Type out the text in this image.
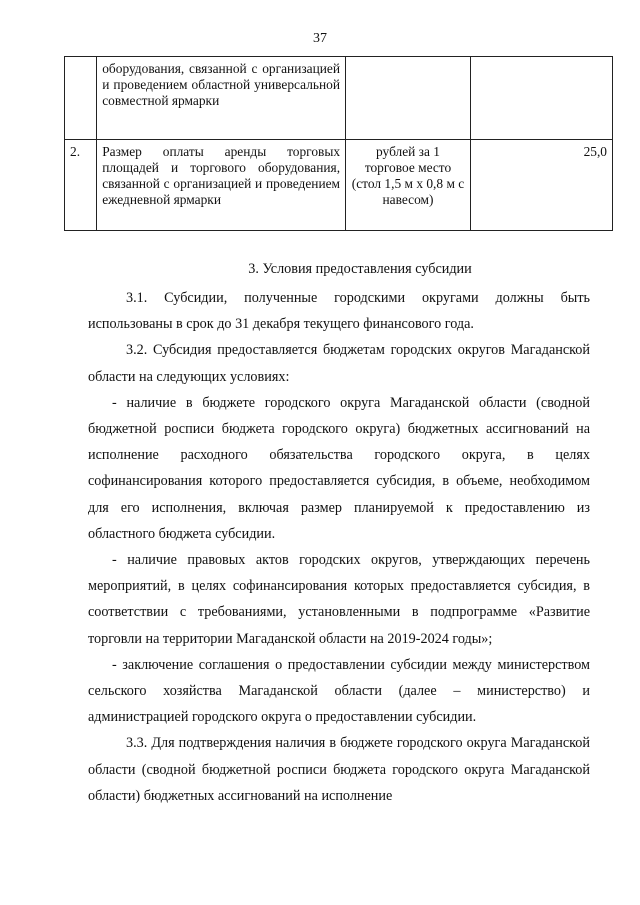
37
	оборудования, связанной с организацией и проведением областной универсальной совместной ярмарки		
2.	Размер оплаты аренды торговых площадей и торгового оборудования, связанной с организацией и проведением ежедневной ярмарки	рублей за 1 торговое место (стол 1,5 м х 0,8 м с навесом)	25,0
3. Условия предоставления субсидии

3.1. Субсидии, полученные городскими округами должны быть использованы в срок до 31 декабря текущего финансового года.

3.2. Субсидия предоставляется бюджетам городских округов Магаданской области на следующих условиях:

- наличие в бюджете городского округа Магаданской области (сводной бюджетной росписи бюджета городского округа) бюджетных ассигнований на исполнение расходного обязательства городского округа, в целях софинансирования которого предоставляется субсидия, в объеме, необходимом для его исполнения, включая размер планируемой к предоставлению из областного бюджета субсидии.

- наличие правовых актов городских округов, утверждающих перечень мероприятий, в целях софинансирования которых предоставляется субсидия, в соответствии с требованиями, установленными в подпрограмме «Развитие торговли на территории Магаданской области на 2019-2024 годы»;

- заключение соглашения о предоставлении субсидии между министерством сельского хозяйства Магаданской области (далее – министерство) и администрацией городского округа о предоставлении субсидии.

3.3. Для подтверждения наличия в бюджете городского округа Магаданской области (сводной бюджетной росписи бюджета городского округа Магаданской области) бюджетных ассигнований на исполнение
